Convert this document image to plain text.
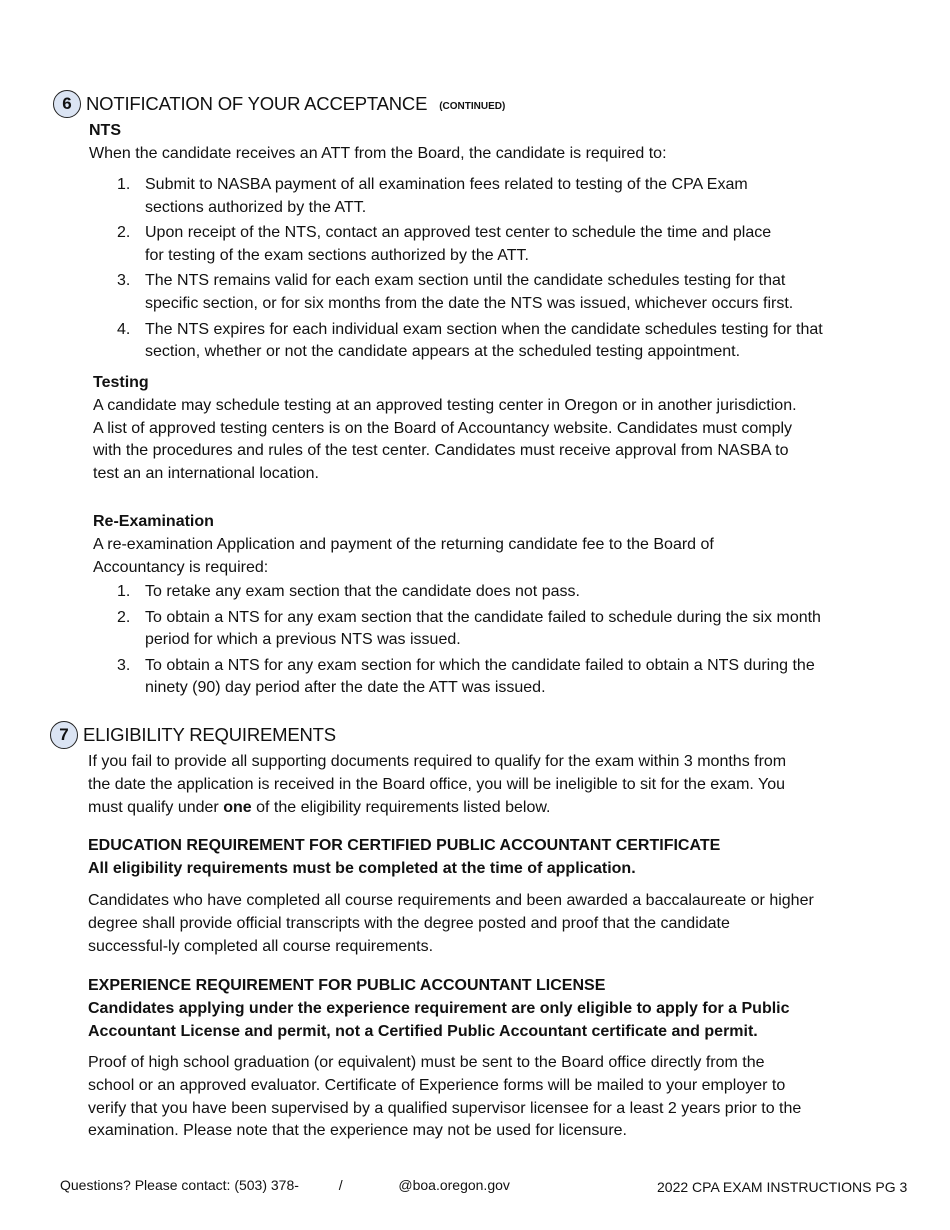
6 NOTIFICATION OF YOUR ACCEPTANCE (CONTINUED)
NTS
When the candidate receives an ATT from the Board, the candidate is required to:
1. Submit to NASBA payment of all examination fees related to testing of the CPA Exam
sections authorized by the ATT.
2. Upon receipt of the NTS, contact an approved test center to schedule the time and place
for testing of the exam sections authorized by the ATT.
3. The NTS remains valid for each exam section until the candidate schedules testing for that
specific section, or for six months from the date the NTS was issued, whichever occurs first.
4. The NTS expires for each individual exam section when the candidate schedules testing for that
section, whether or not the candidate appears at the scheduled testing appointment.
Testing
A candidate may schedule testing at an approved testing center in Oregon or in another jurisdiction.
A list of approved testing centers is on the Board of Accountancy website. Candidates must comply
with the procedures and rules of the test center. Candidates must receive approval from NASBA to
test an an international location.
Re-Examination
A re-examination Application and payment of the returning candidate fee to the Board of
Accountancy is required:
1. To retake any exam section that the candidate does not pass.
2. To obtain a NTS for any exam section that the candidate failed to schedule during the six month
period for which a previous NTS was issued.
3. To obtain a NTS for any exam section for which the candidate failed to obtain a NTS during the
ninety (90) day period after the date the ATT was issued.
7 ELIGIBILITY REQUIREMENTS
If you fail to provide all supporting documents required to qualify for the exam within 3 months from
the date the application is received in the Board office, you will be ineligible to sit for the exam. You
must qualify under one of the eligibility requirements listed below.
EDUCATION REQUIREMENT FOR CERTIFIED PUBLIC ACCOUNTANT CERTIFICATE
All eligibility requirements must be completed at the time of application.
Candidates who have completed all course requirements and been awarded a baccalaureate or higher
degree shall provide official transcripts with the degree posted and proof that the candidate
successful-ly completed all course requirements.
EXPERIENCE REQUIREMENT FOR PUBLIC ACCOUNTANT LICENSE
Candidates applying under the experience requirement are only eligible to apply for a Public
Accountant License and permit, not a Certified Public Accountant certificate and permit.
Proof of high school graduation (or equivalent) must be sent to the Board office directly from the
school or an approved evaluator. Certificate of Experience forms will be mailed to your employer to
verify that you have been supervised by a qualified supervisor licensee for a least 2 years prior to the
examination. Please note that the experience may not be used for licensure.
Questions? Please contact: (503) 378-	/	@boa.oregon.gov	2022 CPA EXAM INSTRUCTIONS PG 3
